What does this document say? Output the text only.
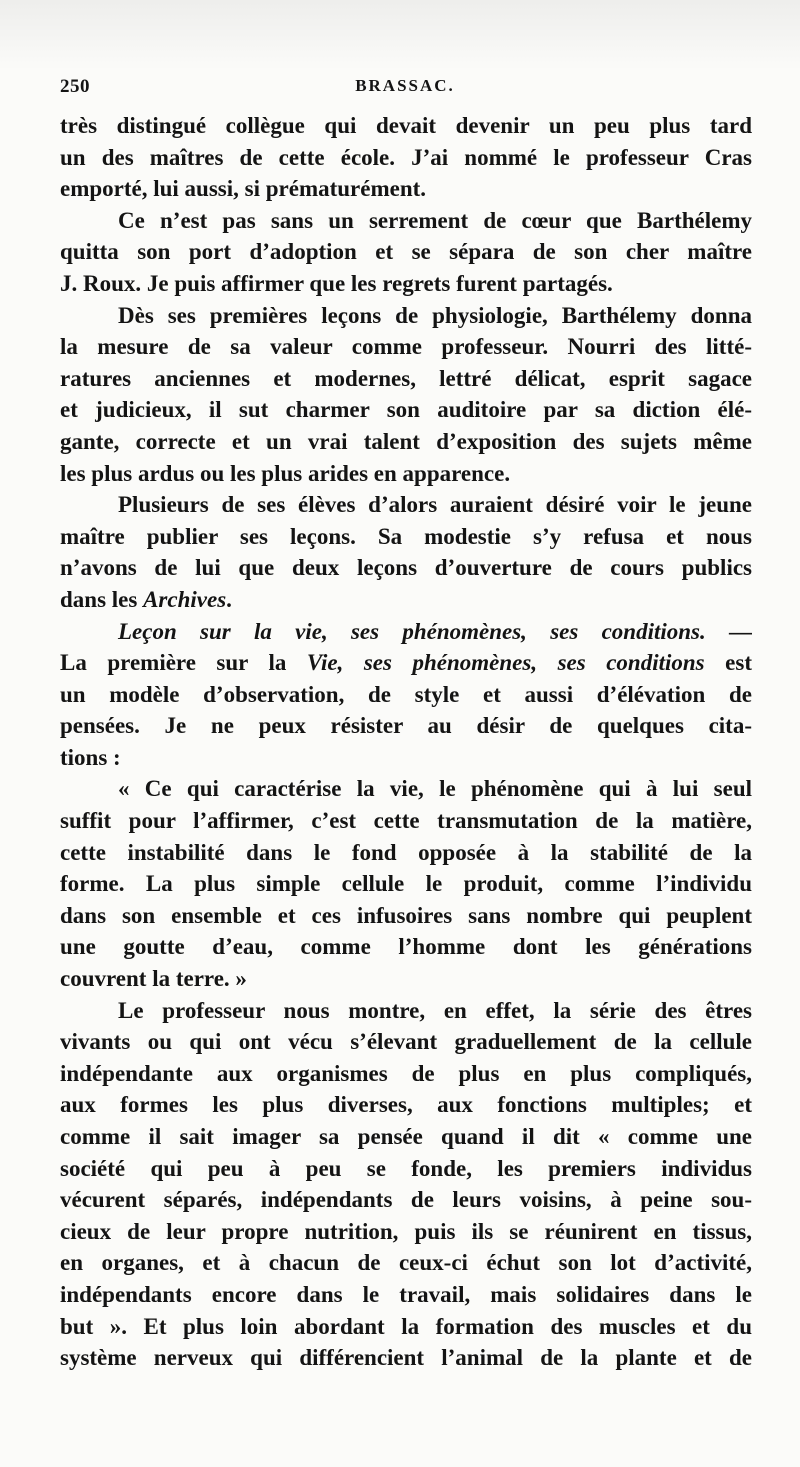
250	BRASSAC.
très distingué collègue qui devait devenir un peu plus tard
un des maîtres de cette école. J’ai nommé le professeur Cras
emporté, lui aussi, si prématurément.
Ce n’est pas sans un serrement de cœur que Barthélemy
quitta son port d’adoption et se sépara de son cher maître
J. Roux. Je puis affirmer que les regrets furent partagés.
Dès ses premières leçons de physiologie, Barthélemy donna
la mesure de sa valeur comme professeur. Nourri des litté-
ratures anciennes et modernes, lettré délicat, esprit sagace
et judicieux, il sut charmer son auditoire par sa diction élé-
gante, correcte et un vrai talent d’exposition des sujets même
les plus ardus ou les plus arides en apparence.
Plusieurs de ses élèves d’alors auraient désiré voir le jeune
maître publier ses leçons. Sa modestie s’y refusa et nous
n’avons de lui que deux leçons d’ouverture de cours publics
dans les Archives.
Leçon sur la vie, ses phénomènes, ses conditions. —
La première sur la Vie, ses phénomènes, ses conditions est
un modèle d’observation, de style et aussi d’élévation de
pensées. Je ne peux résister au désir de quelques cita-
tions :
« Ce qui caractérise la vie, le phénomène qui à lui seul
suffit pour l’affirmer, c’est cette transmutation de la matière,
cette instabilité dans le fond opposée à la stabilité de la
forme. La plus simple cellule le produit, comme l’individu
dans son ensemble et ces infusoires sans nombre qui peuplent
une goutte d’eau, comme l’homme dont les générations
couvrent la terre. »
Le professeur nous montre, en effet, la série des êtres
vivants ou qui ont vécu s’élevant graduellement de la cellule
indépendante aux organismes de plus en plus compliqués,
aux formes les plus diverses, aux fonctions multiples; et
comme il sait imager sa pensée quand il dit « comme une
société qui peu à peu se fonde, les premiers individus
vécurent séparés, indépendants de leurs voisins, à peine sou-
cieux de leur propre nutrition, puis ils se réunirent en tissus,
en organes, et à chacun de ceux-ci échut son lot d’activité,
indépendants encore dans le travail, mais solidaires dans le
but ». Et plus loin abordant la formation des muscles et du
système nerveux qui différencient l’animal de la plante et de
